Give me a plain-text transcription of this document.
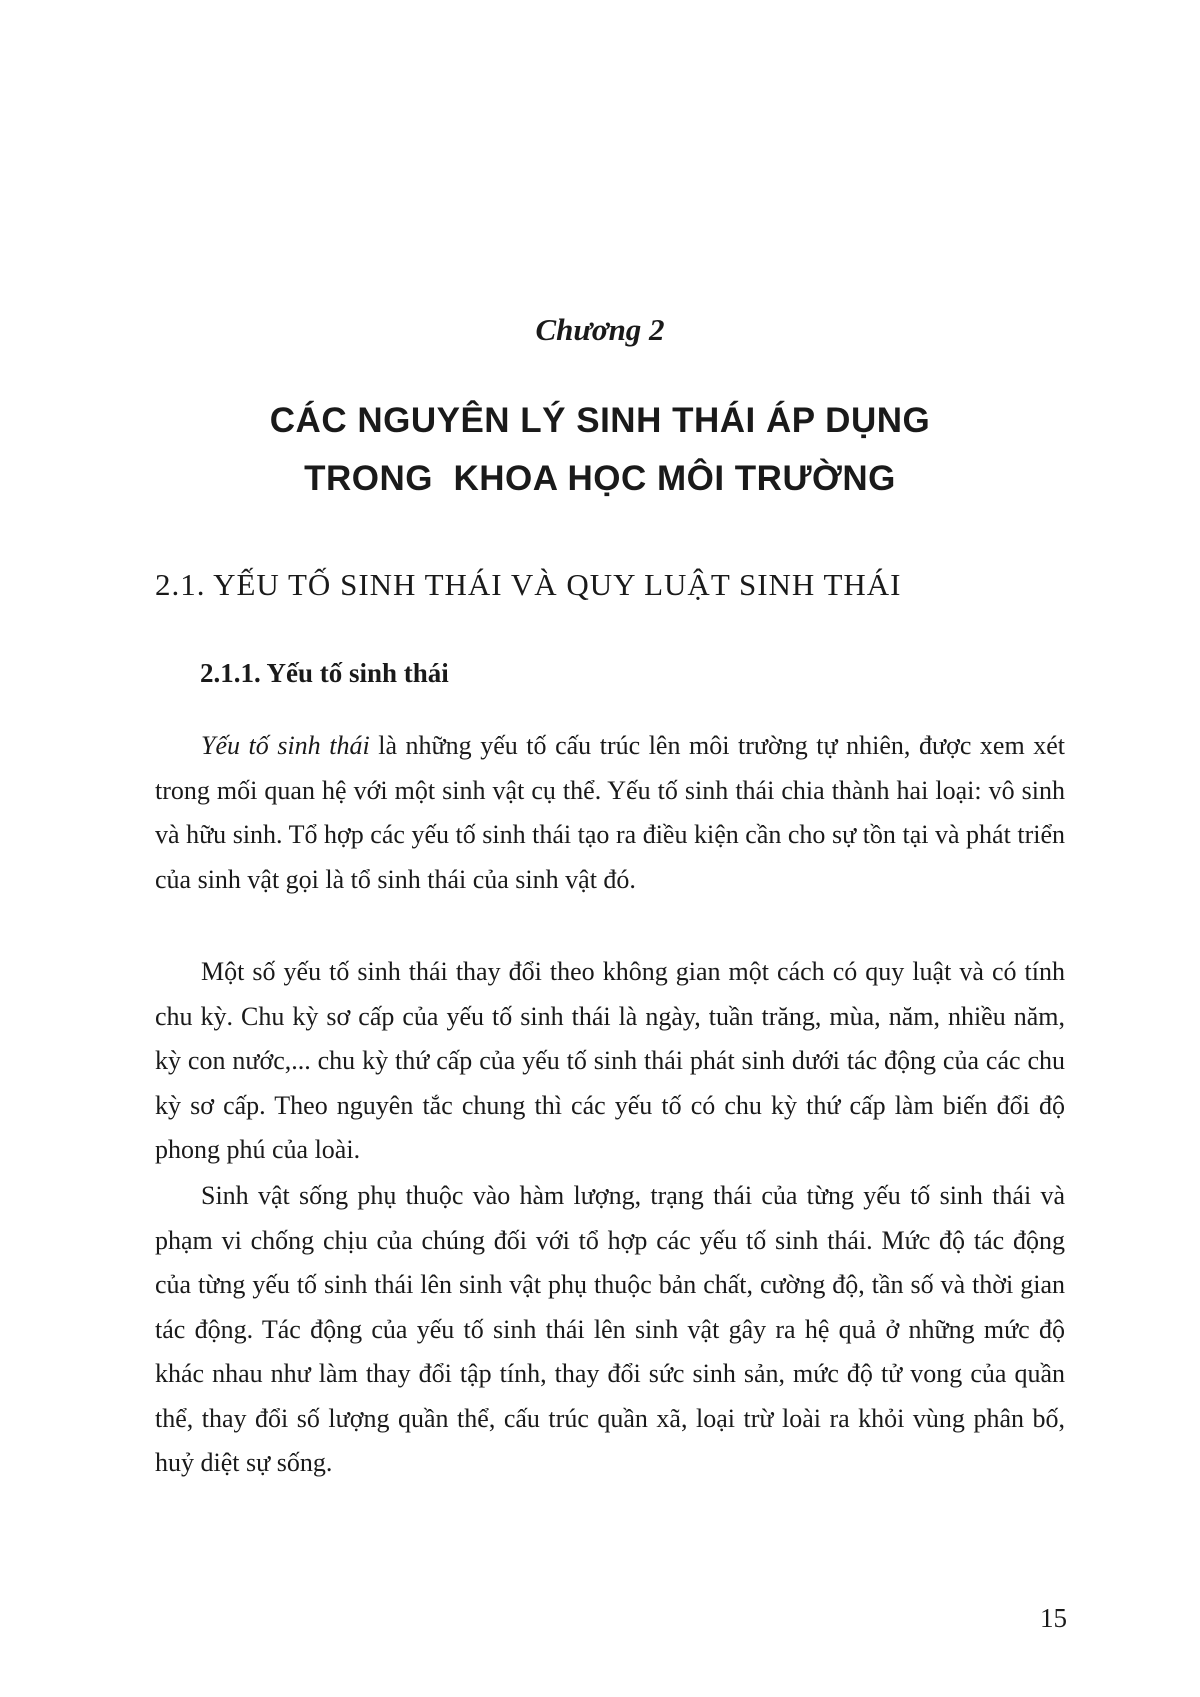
Chương 2
CÁC NGUYÊN LÝ SINH THÁI ÁP DỤNG
TRONG  KHOA HỌC MÔI TRƯỜNG
2.1. YẾU TỐ SINH THÁI VÀ QUY LUẬT SINH THÁI
2.1.1. Yếu tố sinh thái

Yếu tố sinh thái là những yếu tố cấu trúc lên môi trường tự nhiên, được xem xét trong mối quan hệ với một sinh vật cụ thể. Yếu tố sinh thái chia thành hai loại: vô sinh và hữu sinh. Tổ hợp các yếu tố sinh thái tạo ra điều kiện cần cho sự tồn tại và phát triển của sinh vật gọi là tổ sinh thái của sinh vật đó.

Một số yếu tố sinh thái thay đổi theo không gian một cách có quy luật và có tính chu kỳ. Chu kỳ sơ cấp của yếu tố sinh thái là ngày, tuần trăng, mùa, năm, nhiều năm, kỳ con nước,... chu kỳ thứ cấp của yếu tố sinh thái phát sinh dưới tác động của các chu kỳ sơ cấp. Theo nguyên tắc chung thì các yếu tố có chu kỳ thứ cấp làm biến đổi độ phong phú của loài.

Sinh vật sống phụ thuộc vào hàm lượng, trạng thái của từng yếu tố sinh thái và phạm vi chống chịu của chúng đối với tổ hợp các yếu tố sinh thái. Mức độ tác động của từng yếu tố sinh thái lên sinh vật phụ thuộc bản chất, cường độ, tần số và thời gian tác động. Tác động của yếu tố sinh thái lên sinh vật gây ra hệ quả ở những mức độ khác nhau như làm thay đổi tập tính, thay đổi sức sinh sản, mức độ tử vong của quần thể, thay đổi số lượng quần thể, cấu trúc quần xã, loại trừ loài ra khỏi vùng phân bố, huỷ diệt sự sống.

15
